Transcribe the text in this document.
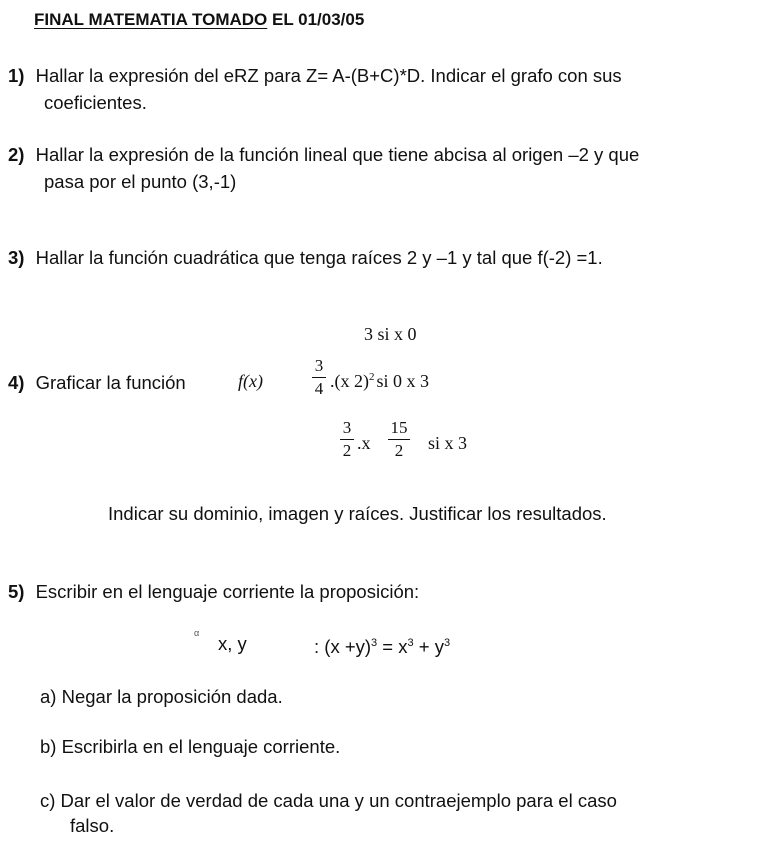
FINAL MATEMATIA TOMADO EL 01/03/05
1) Hallar la expresión del eRZ para Z= A-(B+C)*D. Indicar el grafo con sus
coeficientes.
2) Hallar la expresión de la función lineal que tiene abcisa al origen –2 y que
pasa por el punto (3,-1)
3) Hallar la función cuadrática que tenga raíces 2 y –1 y tal que f(-2) =1.
3 si x 0
4) Graficar la función	f(x)
3
4 .(x 2)$^2$ si 0 x 3
3
2 .x
15
2	si x 3
Indicar su dominio, imagen y raíces. Justificar los resultados.
5) Escribir en el lenguaje corriente la proposición:
α x, y	: $(x +y)^3 = x^3 + y^3$
a) Negar la proposición dada.
b) Escribirla en el lenguaje corriente.
c) Dar el valor de verdad de cada una y un contraejemplo para el caso
falso.
